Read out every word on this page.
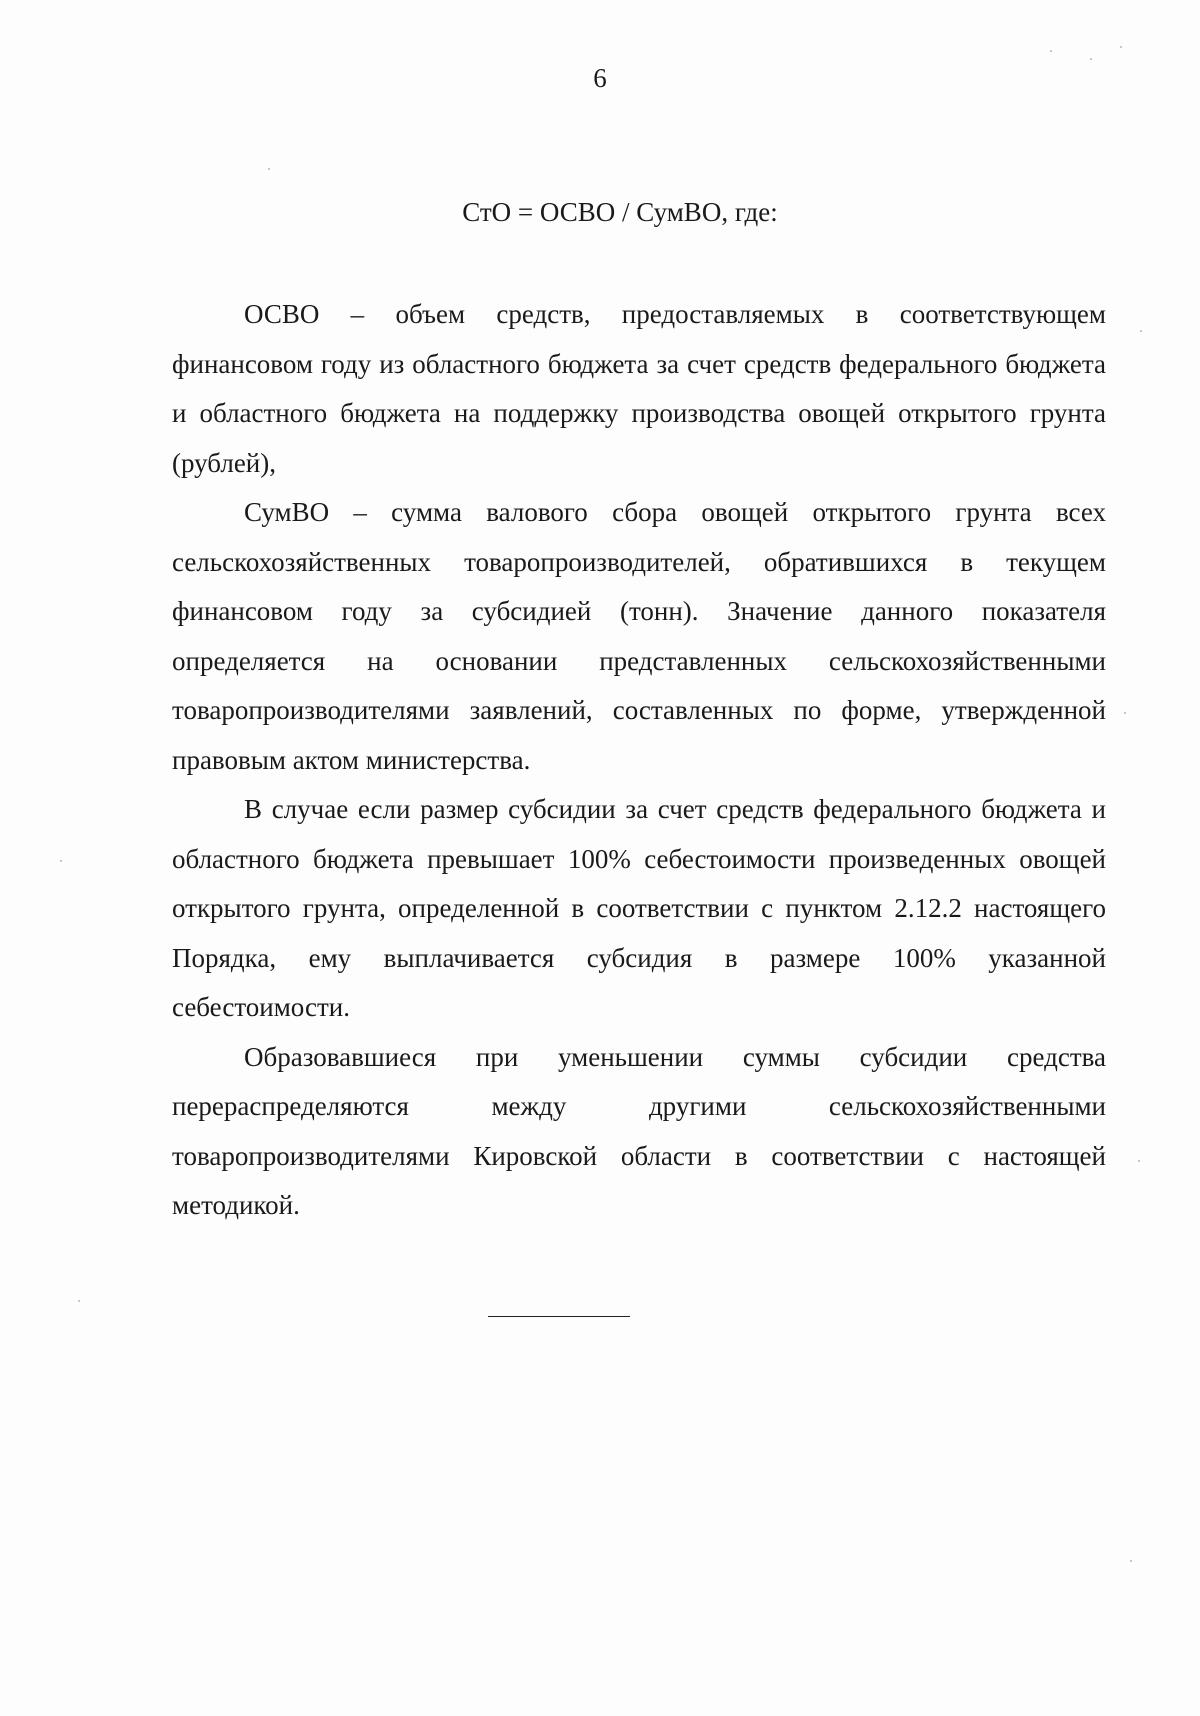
6
СтО = ОСВО / СумВО, где:

ОСВО – объем средств, предоставляемых в соответствующем финансовом году из областного бюджета за счет средств федерального бюджета и областного бюджета на поддержку производства овощей открытого грунта (рублей),

СумВО – сумма валового сбора овощей открытого грунта всех сельскохозяйственных товаропроизводителей, обратившихся в текущем финансовом году за субсидией (тонн). Значение данного показателя определяется на основании представленных сельскохозяйственными товаропроизводителями заявлений, составленных по форме, утвержденной правовым актом министерства.

В случае если размер субсидии за счет средств федерального бюджета и областного бюджета превышает 100% себестоимости произведенных овощей открытого грунта, определенной в соответствии с пунктом 2.12.2 настоящего Порядка, ему выплачивается субсидия в размере 100% указанной себестоимости.

Образовавшиеся при уменьшении суммы субсидии средства перераспределяются между другими сельскохозяйственными товаропроизводителями Кировской области в соответствии с настоящей методикой.
